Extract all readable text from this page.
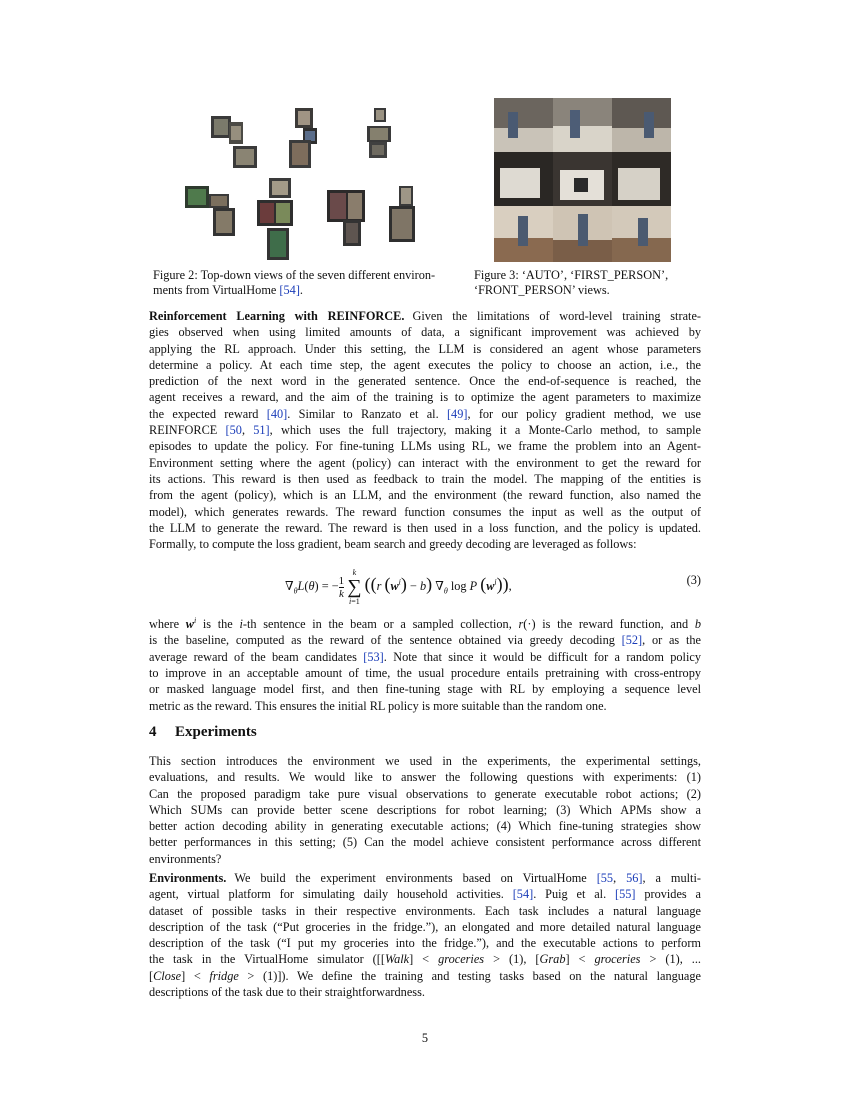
Figure 2: Top-down views of the seven different environ-
ments from VirtualHome [54].
Figure 3: ‘AUTO’, ‘FIRST_PERSON’,
‘FRONT_PERSON’ views.
Reinforcement Learning with REINFORCE. Given the limitations of word-level training strate-
gies observed when using limited amounts of data, a significant improvement was achieved by
applying the RL approach. Under this setting, the LLM is considered an agent whose parameters
determine a policy. At each time step, the agent executes the policy to choose an action, i.e., the
prediction of the next word in the generated sentence. Once the end-of-sequence is reached, the
agent receives a reward, and the aim of the training is to optimize the agent parameters to maximize
the expected reward [40]. Similar to Ranzato et al. [49], for our policy gradient method, we use
REINFORCE [50, 51], which uses the full trajectory, making it a Monte-Carlo method, to sample
episodes to update the policy. For fine-tuning LLMs using RL, we frame the problem into an Agent-
Environment setting where the agent (policy) can interact with the environment to get the reward for
its actions. This reward is then used as feedback to train the model. The mapping of the entities is
from the agent (policy), which is an LLM, and the environment (the reward function, also named the
model), which generates rewards. The reward function consumes the input as well as the output of
the LLM to generate the reward. The reward is then used in a loss function, and the policy is updated.
Formally, to compute the loss gradient, beam search and greedy decoding are leveraged as follows:
$\nabla_\theta L(\theta)$ = − $\frac{1}{k}$

k
∑
i=1
((r $(w^i) - b$) $\nabla_\theta$ log P $(w^i)$),	(3)
where $w^i$ is the i-th sentence in the beam or a sampled collection, r(·) is the reward function, and b
is the baseline, computed as the reward of the sentence obtained via greedy decoding [52], or as the
average reward of the beam candidates [53]. Note that since it would be difficult for a random policy
to improve in an acceptable amount of time, the usual procedure entails pretraining with cross-entropy
or masked language model first, and then fine-tuning stage with RL by employing a sequence level
metric as the reward. This ensures the initial RL policy is more suitable than the random one.
4 Experiments
This section introduces the environment we used in the experiments, the experimental settings,
evaluations, and results. We would like to answer the following questions with experiments: (1)
Can the proposed paradigm take pure visual observations to generate executable robot actions; (2)
Which SUMs can provide better scene descriptions for robot learning; (3) Which APMs show a
better action decoding ability in generating executable actions; (4) Which fine-tuning strategies show
better performances in this setting; (5) Can the model achieve consistent performance across different
environments?
Environments. We build the experiment environments based on VirtualHome [55, 56], a multi-
agent, virtual platform for simulating daily household activities. [54]. Puig et al. [55] provides a
dataset of possible tasks in their respective environments. Each task includes a natural language
description of the task (“Put groceries in the fridge.”), an elongated and more detailed natural language
description of the task (“I put my groceries into the fridge.”), and the executable actions to perform
the task in the VirtualHome simulator ([[Walk] < groceries > (1), [Grab] < groceries > (1), ...
[Close] < fridge > (1)]). We define the training and testing tasks based on the natural language
descriptions of the task due to their straightforwardness.
5
